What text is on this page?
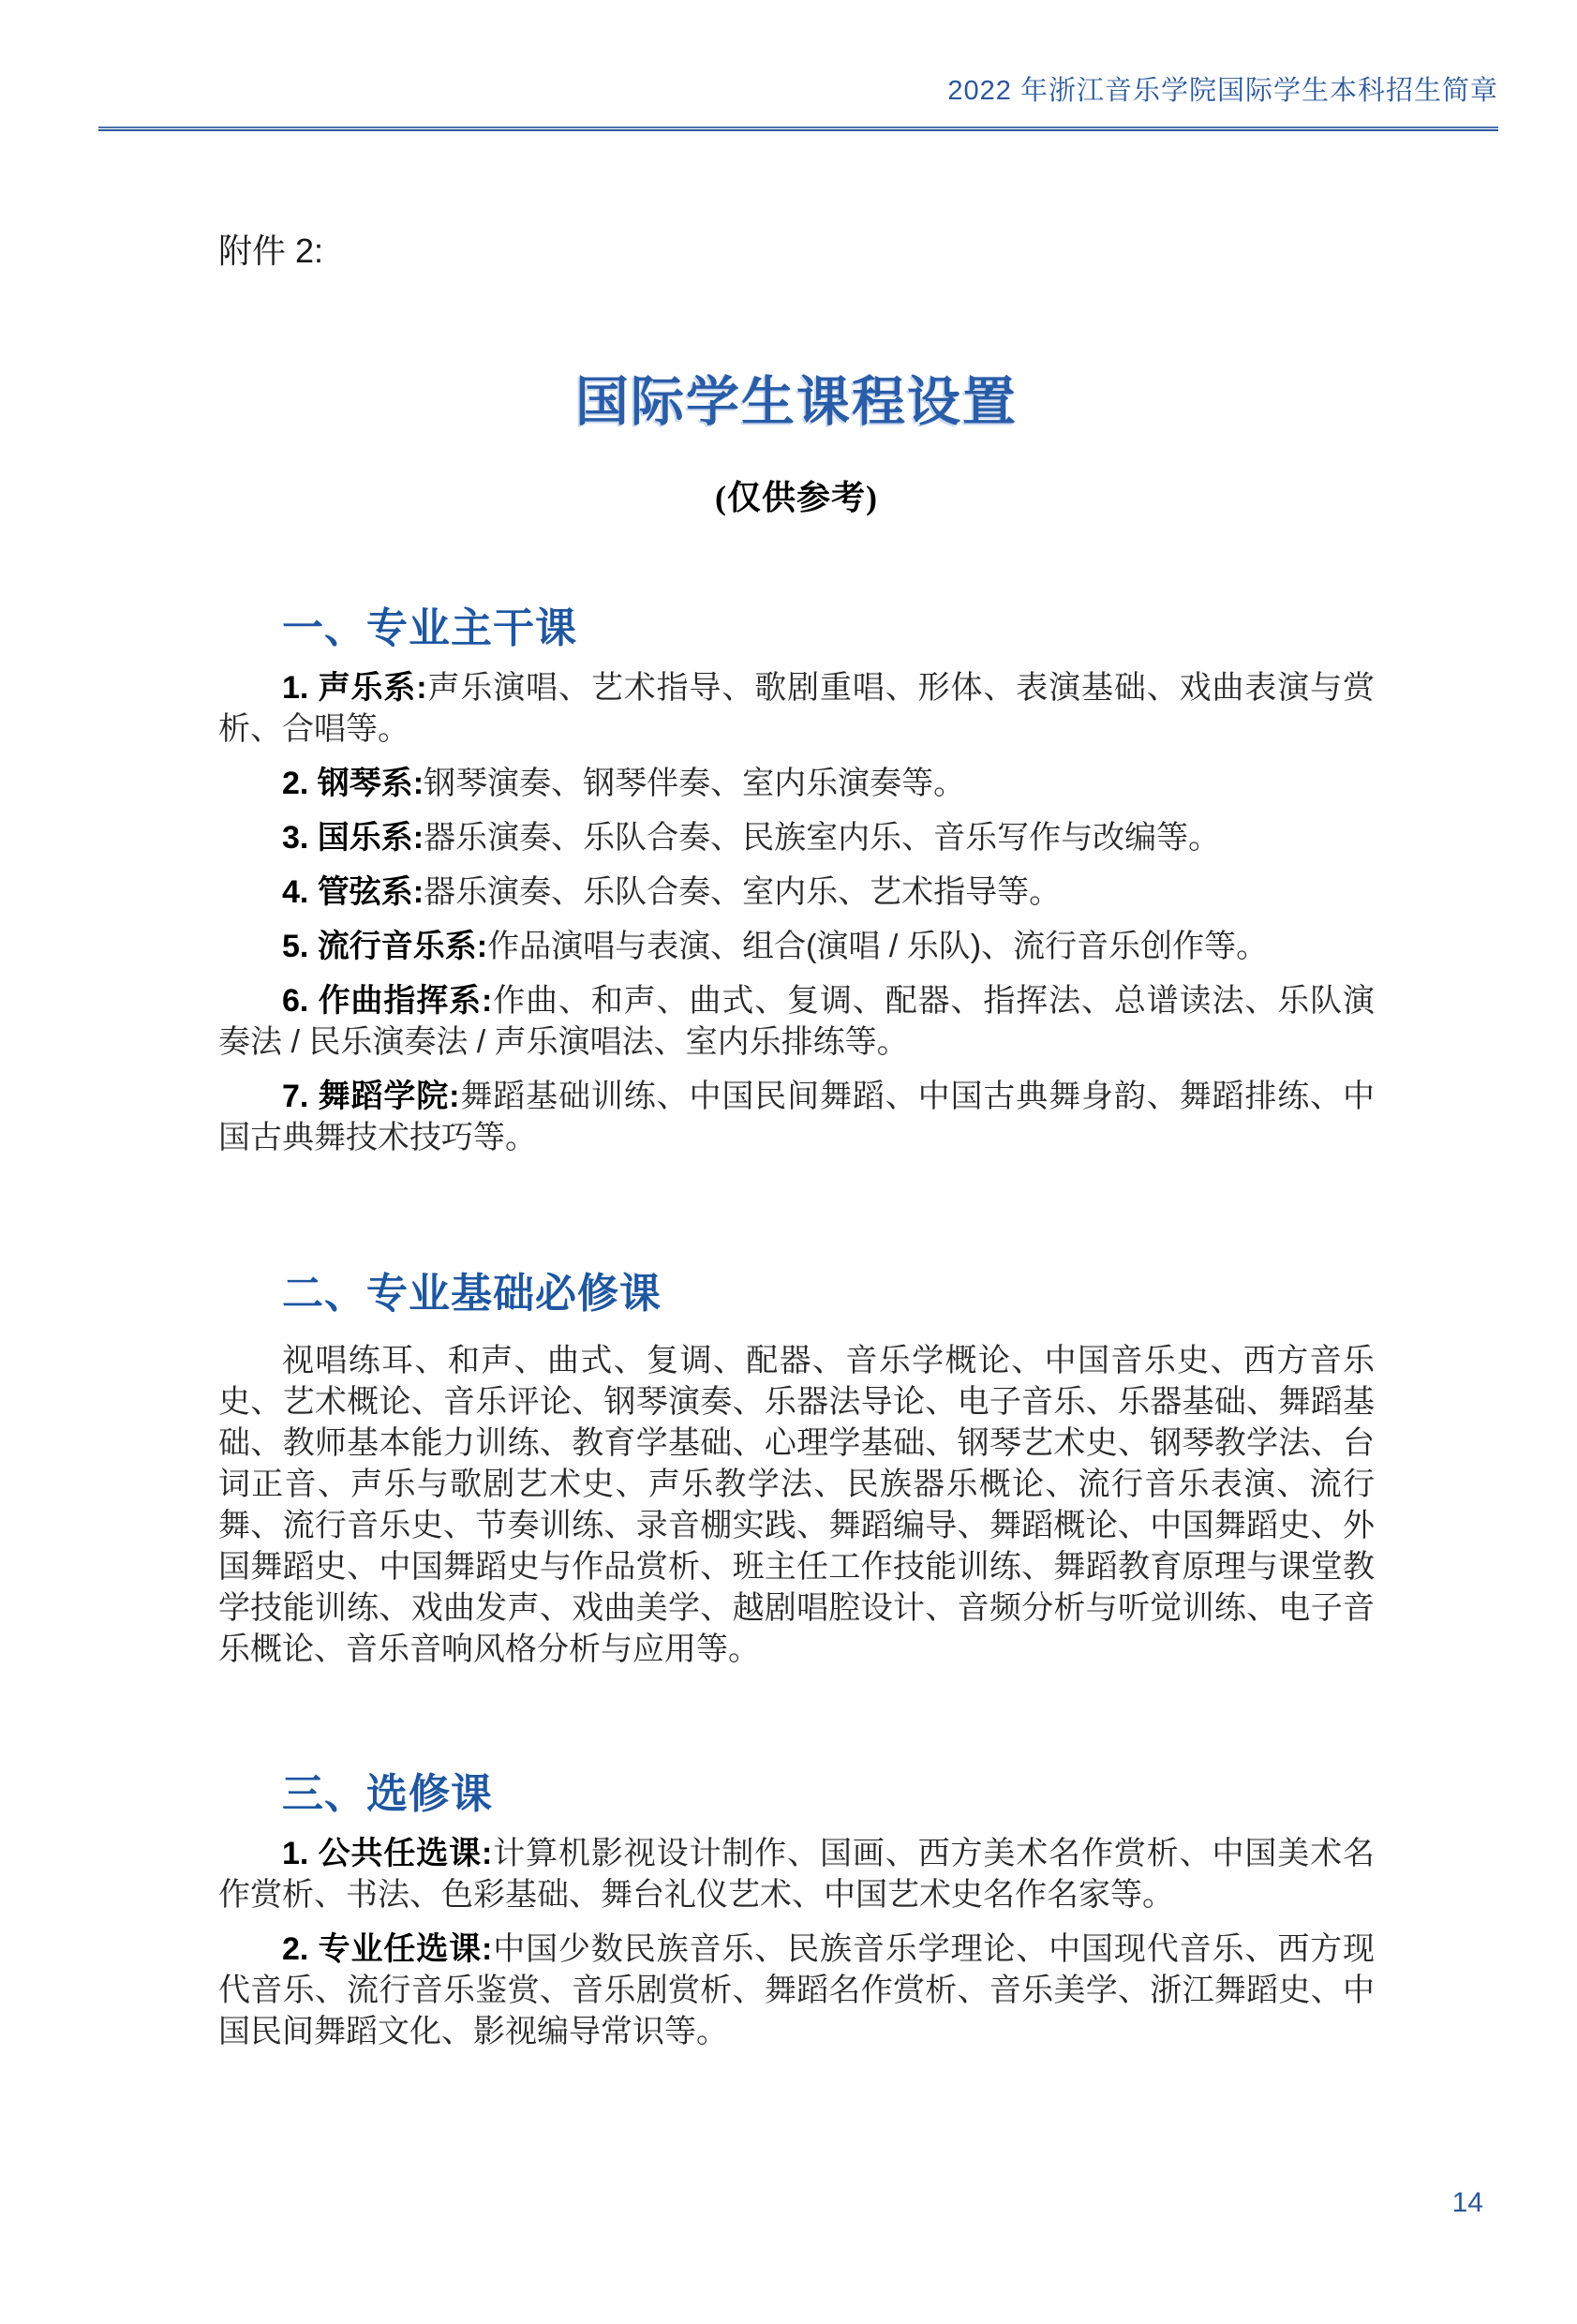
2022 年浙江音乐学院国际学生本科招生简章

附件 2:

国际学生课程设置

(仅供参考)

一、专业主干课

1. 声乐系:声乐演唱、艺术指导、歌剧重唱、形体、表演基础、戏曲表演与赏析、合唱等。

2. 钢琴系:钢琴演奏、钢琴伴奏、室内乐演奏等。

3. 国乐系:器乐演奏、乐队合奏、民族室内乐、音乐写作与改编等。

4. 管弦系:器乐演奏、乐队合奏、室内乐、艺术指导等。

5. 流行音乐系:作品演唱与表演、组合(演唱 / 乐队)、流行音乐创作等。

6. 作曲指挥系:作曲、和声、曲式、复调、配器、指挥法、总谱读法、乐队演奏法 / 民乐演奏法 / 声乐演唱法、室内乐排练等。

7. 舞蹈学院:舞蹈基础训练、中国民间舞蹈、中国古典舞身韵、舞蹈排练、中国古典舞技术技巧等。

二、专业基础必修课

视唱练耳、和声、曲式、复调、配器、音乐学概论、中国音乐史、西方音乐史、艺术概论、音乐评论、钢琴演奏、乐器法导论、电子音乐、乐器基础、舞蹈基础、教师基本能力训练、教育学基础、心理学基础、钢琴艺术史、钢琴教学法、台词正音、声乐与歌剧艺术史、声乐教学法、民族器乐概论、流行音乐表演、流行舞、流行音乐史、节奏训练、录音棚实践、舞蹈编导、舞蹈概论、中国舞蹈史、外国舞蹈史、中国舞蹈史与作品赏析、班主任工作技能训练、舞蹈教育原理与课堂教学技能训练、戏曲发声、戏曲美学、越剧唱腔设计、音频分析与听觉训练、电子音乐概论、音乐音响风格分析与应用等。

三、选修课

1. 公共任选课:计算机影视设计制作、国画、西方美术名作赏析、中国美术名作赏析、书法、色彩基础、舞台礼仪艺术、中国艺术史名作名家等。

2. 专业任选课:中国少数民族音乐、民族音乐学理论、中国现代音乐、西方现代音乐、流行音乐鉴赏、音乐剧赏析、舞蹈名作赏析、音乐美学、浙江舞蹈史、中国民间舞蹈文化、影视编导常识等。

14
